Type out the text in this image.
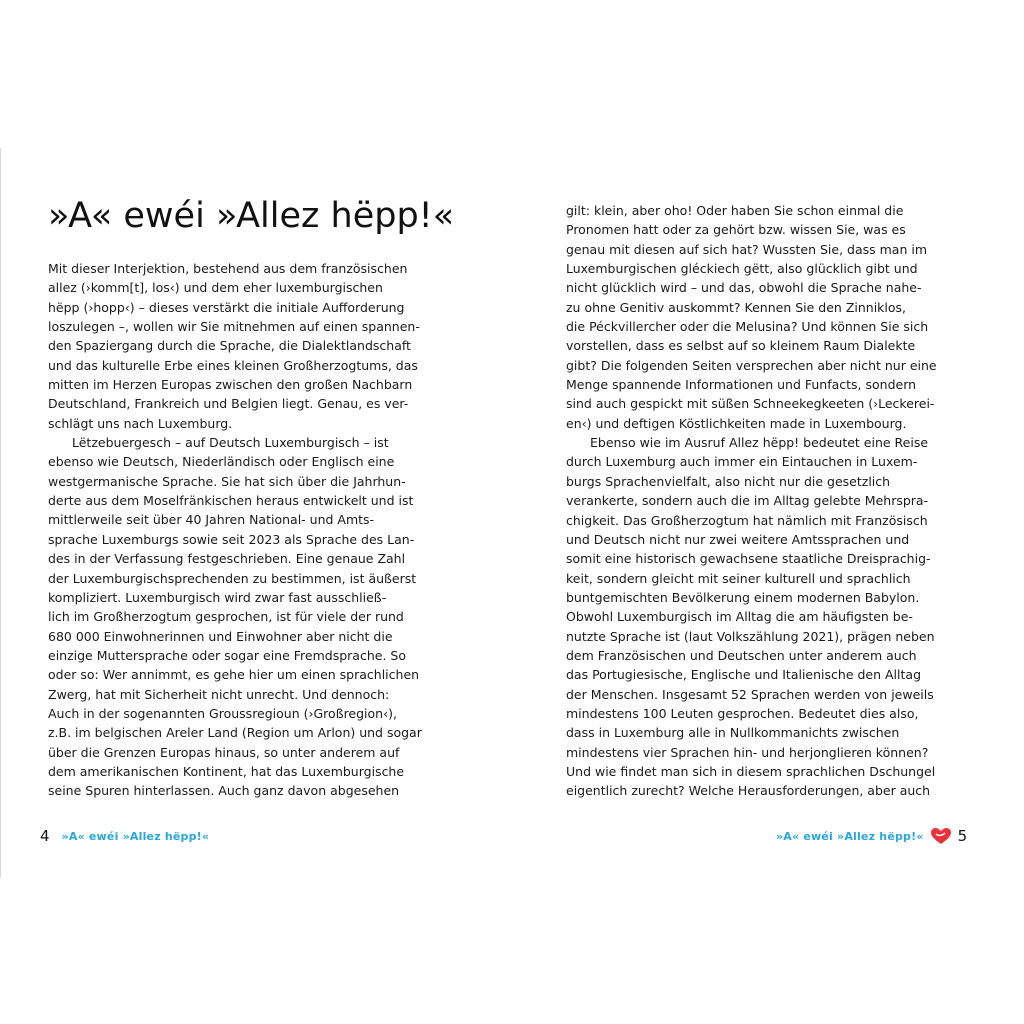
»A« ewéi »Allez hëpp!«
Mit dieser Interjektion, bestehend aus dem französischen
allez (›komm[t], los‹) und dem eher luxemburgischen
hëpp (›hopp‹) – dieses verstärkt die initiale Aufforderung
loszulegen –, wollen wir Sie mitnehmen auf einen spannen-
den Spaziergang durch die Sprache, die Dialektlandschaft
und das kulturelle Erbe eines kleinen Großherzogtums, das
mitten im Herzen Europas zwischen den großen Nachbarn
Deutschland, Frankreich und Belgien liegt. Genau, es ver-
schlägt uns nach Luxemburg.
Lëtzebuergesch – auf Deutsch Luxemburgisch – ist
ebenso wie Deutsch, Niederländisch oder Englisch eine
westgermanische Sprache. Sie hat sich über die Jahrhun-
derte aus dem Moselfränkischen heraus entwickelt und ist
mittlerweile seit über 40 Jahren National- und Amts-
sprache Luxemburgs sowie seit 2023 als Sprache des Lan-
des in der Verfassung festgeschrieben. Eine genaue Zahl
der Luxemburgischsprechenden zu bestimmen, ist äußerst
kompliziert. Luxemburgisch wird zwar fast ausschließ-
lich im Großherzogtum gesprochen, ist für viele der rund
680 000 Einwohnerinnen und Einwohner aber nicht die
einzige Muttersprache oder sogar eine Fremdsprache. So
oder so: Wer annimmt, es gehe hier um einen sprachlichen
Zwerg, hat mit Sicherheit nicht unrecht. Und dennoch:
Auch in der sogenannten Groussregioun (›Großregion‹),
z.B. im belgischen Areler Land (Region um Arlon) und sogar
über die Grenzen Europas hinaus, so unter anderem auf
dem amerikanischen Kontinent, hat das Luxemburgische
seine Spuren hinterlassen. Auch ganz davon abgesehen
gilt: klein, aber oho! Oder haben Sie schon einmal die
Pronomen hatt oder za gehört bzw. wissen Sie, was es
genau mit diesen auf sich hat? Wussten Sie, dass man im
Luxemburgischen gléckiech gëtt, also glücklich gibt und
nicht glücklich wird – und das, obwohl die Sprache nahe-
zu ohne Genitiv auskommt? Kennen Sie den Zinniklos,
die Péckvillercher oder die Melusina? Und können Sie sich
vorstellen, dass es selbst auf so kleinem Raum Dialekte
gibt? Die folgenden Seiten versprechen aber nicht nur eine
Menge spannende Informationen und Funfacts, sondern
sind auch gespickt mit süßen Schneekegkeeten (›Leckerei-
en‹) und deftigen Köstlichkeiten made in Luxembourg.
Ebenso wie im Ausruf Allez hëpp! bedeutet eine Reise
durch Luxemburg auch immer ein Eintauchen in Luxem-
burgs Sprachenvielfalt, also nicht nur die gesetzlich
verankerte, sondern auch die im Alltag gelebte Mehrspra-
chigkeit. Das Großherzogtum hat nämlich mit Französisch
und Deutsch nicht nur zwei weitere Amtssprachen und
somit eine historisch gewachsene staatliche Dreisprachig-
keit, sondern gleicht mit seiner kulturell und sprachlich
buntgemischten Bevölkerung einem modernen Babylon.
Obwohl Luxemburgisch im Alltag die am häufigsten be-
nutzte Sprache ist (laut Volkszählung 2021), prägen neben
dem Französischen und Deutschen unter anderem auch
das Portugiesische, Englische und Italienische den Alltag
der Menschen. Insgesamt 52 Sprachen werden von jeweils
mindestens 100 Leuten gesprochen. Bedeutet dies also,
dass in Luxemburg alle in Nullkommanichts zwischen
mindestens vier Sprachen hin- und herjonglieren können?
Und wie findet man sich in diesem sprachlichen Dschungel
eigentlich zurecht? Welche Herausforderungen, aber auch
4 »A« ewéi »Allez hëpp!«	»A« ewéi »Allez hëpp!« 5
